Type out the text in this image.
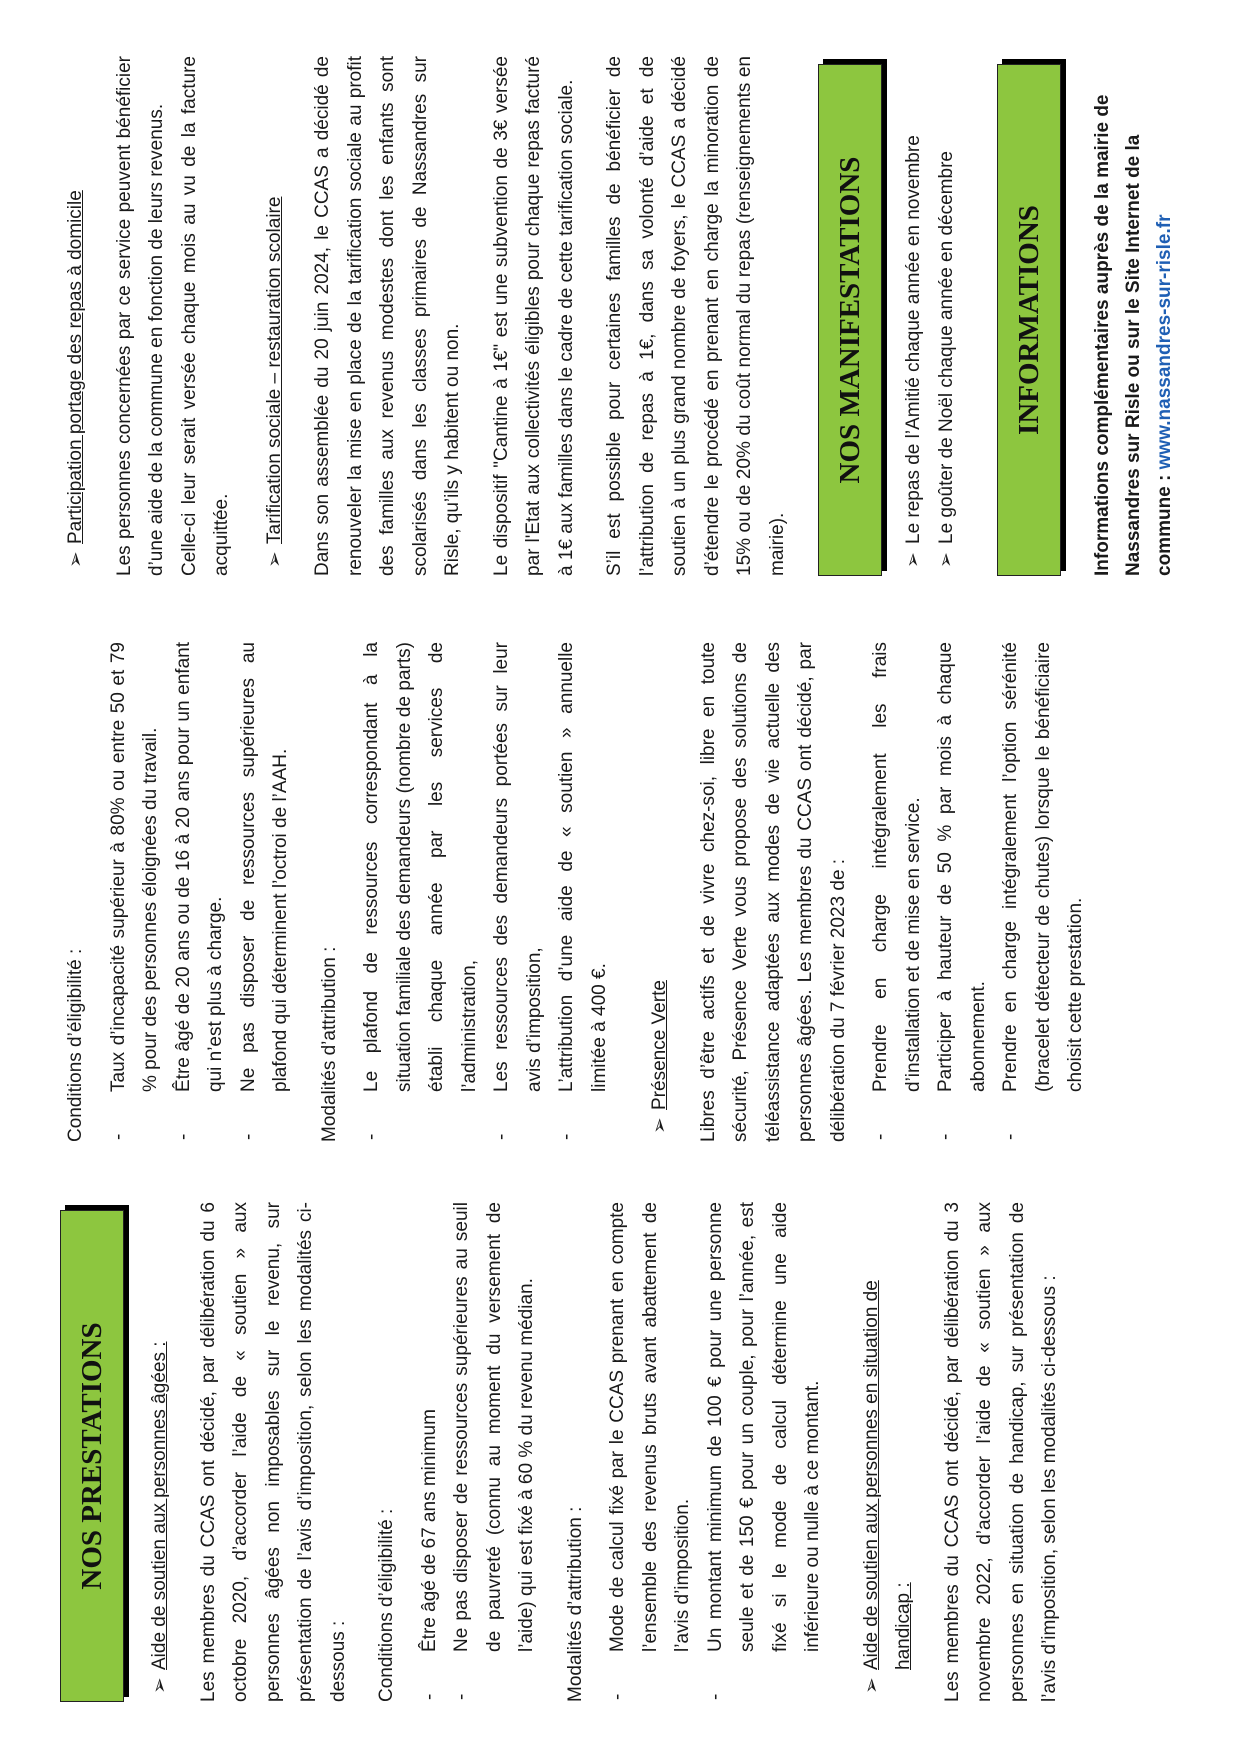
NOS PRESTATIONS
➢Aide de soutien aux personnes âgées :	Les membres du CCAS ont décidé, par délibération du 6 octobre 2020, d’accorder l’aide de « soutien » aux personnes âgées non imposables sur le revenu, sur présentation de l’avis d’imposition, selon les modalités ci-dessous :	Conditions d’éligibilité :	-
Être âgé de 67 ans minimum
-
Ne pas disposer de ressources supérieures au seuil de pauvreté (connu au moment du versement de l’aide) qui est fixé à 60 % du revenu médian.	Modalités d’attribution :	-
Mode de calcul fixé par le CCAS prenant en compte l’ensemble des revenus bruts avant abattement de l’avis d’imposition.
-
Un montant minimum de 100 € pour une personne seule et de 150 € pour un couple, pour l’année, est fixé si le mode de calcul détermine une aide inférieure ou nulle à ce montant.
➢Aide de soutien aux personnes en situation de handicap :	Les membres du CCAS ont décidé, par délibération du 3 novembre 2022, d’accorder l’aide de « soutien » aux personnes en situation de handicap, sur présentation de l’avis d’imposition, selon les modalités ci-dessous :

Conditions d’éligibilité :	-
Taux d’incapacité supérieur à 80% ou entre 50 et 79 % pour des personnes éloignées du travail.
-
Être âgé de 20 ans ou de 16 à 20 ans pour un enfant qui n’est plus à charge.
-
Ne pas disposer de ressources supérieures au plafond qui déterminent l’octroi de l’AAH.	Modalités d’attribution :	-
Le plafond de ressources correspondant à la situation familiale des demandeurs (nombre de parts) établi chaque année par les services de l’administration,
-
Les ressources des demandeurs portées sur leur avis d’imposition,
-
L’attribution d’une aide de « soutien » annuelle limitée à 400 €.
➢Présence Verte	Libres d’être actifs et de vivre chez-soi, libre en toute sécurité, Présence Verte vous propose des solutions de téléassistance adaptées aux modes de vie actuelle des personnes âgées. Les membres du CCAS ont décidé, par délibération du 7 février 2023 de :	-
Prendre en charge intégralement les frais d’installation et de mise en service.
-
Participer à hauteur de 50 % par mois à chaque abonnement.
-
Prendre en charge intégralement l’option sérénité (bracelet détecteur de chutes) lorsque le bénéficiaire choisit cette prestation.
➢Participation portage des repas à domicile	Les personnes concernées par ce service peuvent bénéficier d’une aide de la commune en fonction de leurs revenus. Celle-ci leur serait versée chaque mois au vu de la facture acquittée.	➢Tarification sociale – restauration scolaire	Dans son assemblée du 20 juin 2024, le CCAS a décidé de renouveler la mise en place de la tarification sociale au profit des familles aux revenus modestes dont les enfants sont scolarisés dans les classes primaires de Nassandres sur Risle, qu’ils y habitent ou non.	Le dispositif "Cantine à 1€" est une subvention de 3€ versée par l'Etat aux collectivités éligibles pour chaque repas facturé à 1€ aux familles dans le cadre de cette tarification sociale.	S’il est possible pour certaines familles de bénéficier de l’attribution de repas à 1€, dans sa volonté d’aide et de soutien à un plus grand nombre de foyers, le CCAS a décidé d’étendre le procédé en prenant en charge la minoration de 15% ou de 20% du coût normal du repas (renseignements en mairie).

NOS MANIFESTATIONS
➢Le repas de l’Amitié chaque année en novembre
➢Le goûter de Noël chaque année en décembre	INFORMATIONS	Informations complémentaires auprès de la mairie de Nassandres sur Risle ou sur le Site Internet de la commune : www.nassandres-sur-risle.fr
